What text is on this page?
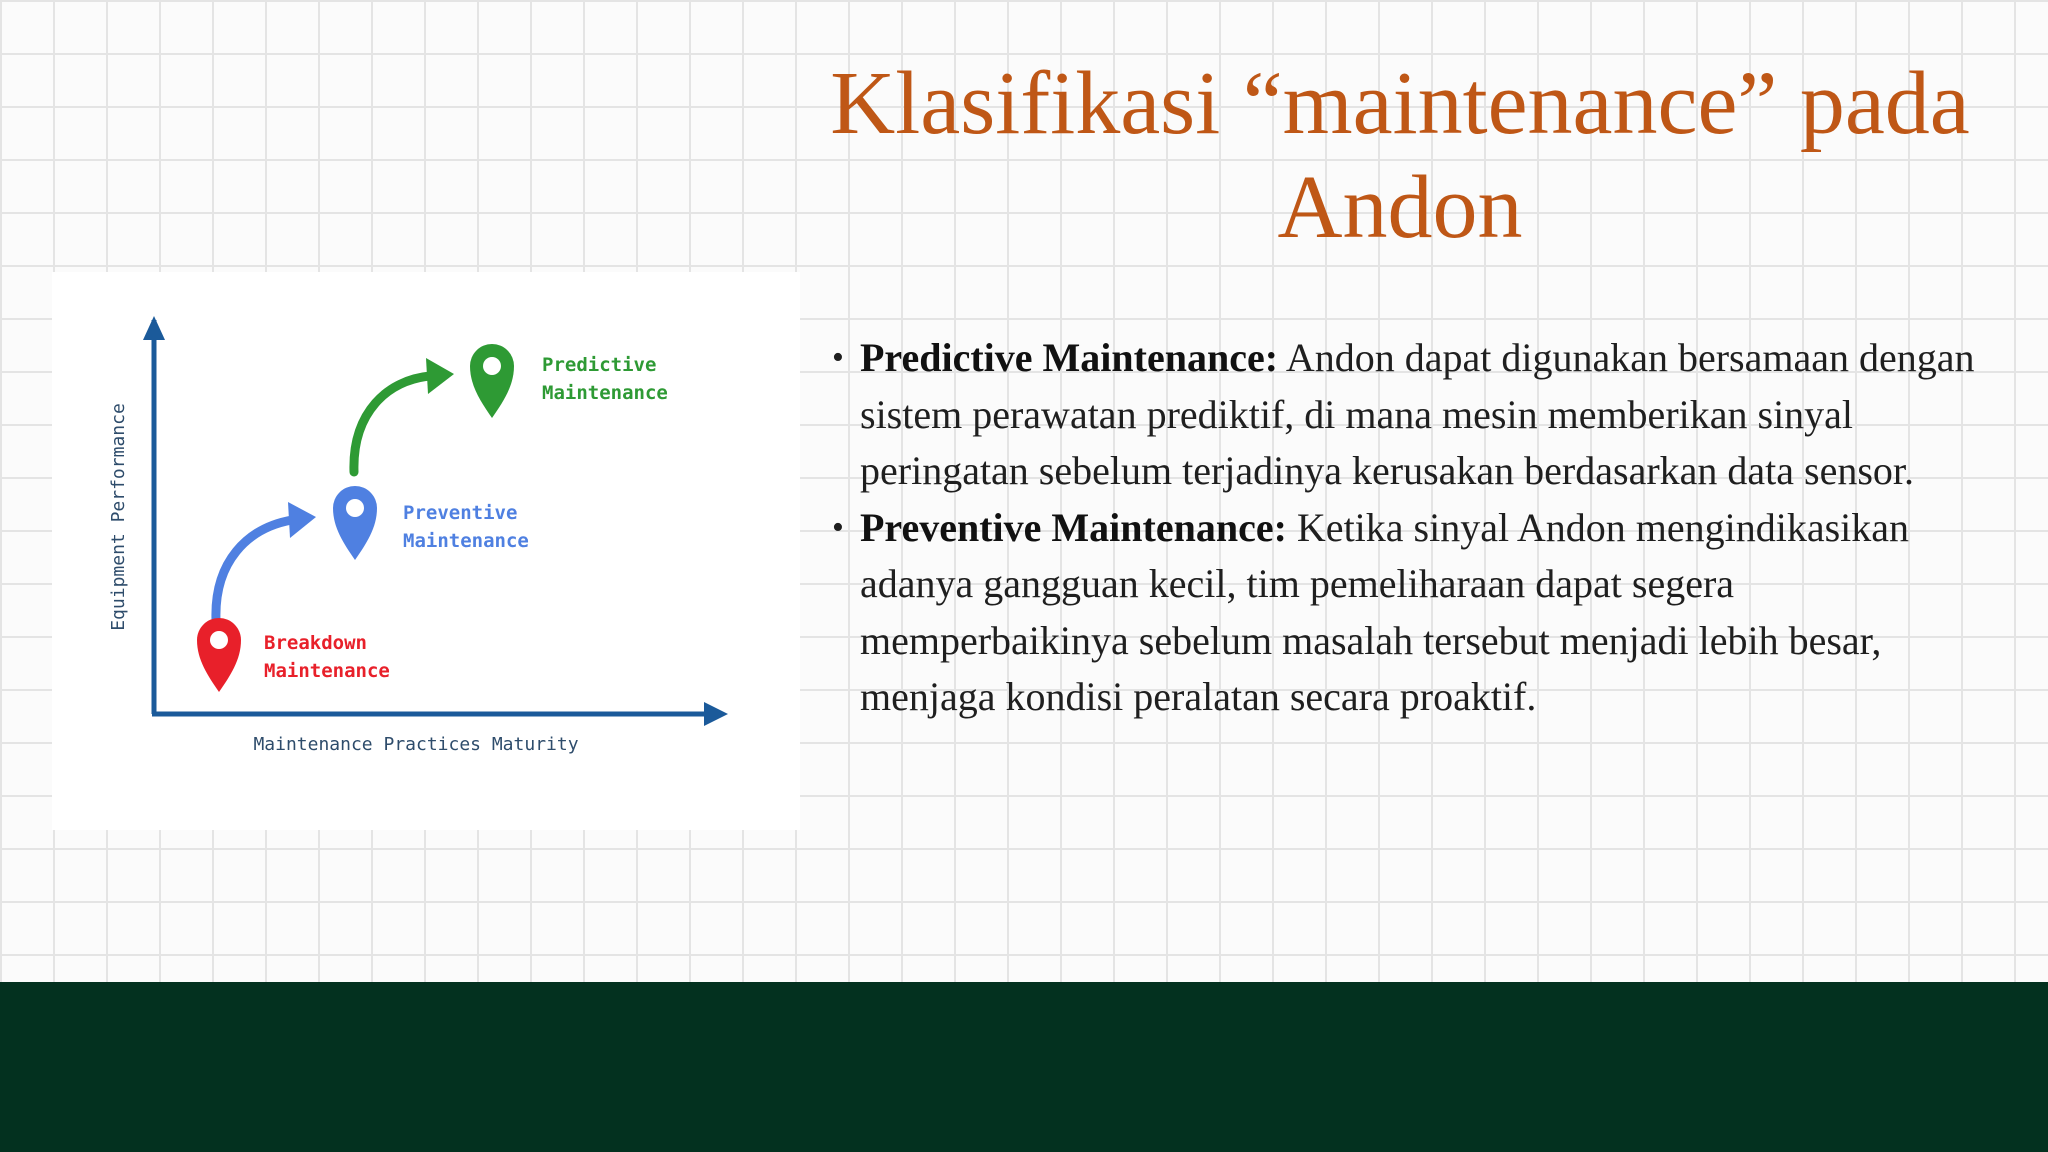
Klasifikasi “maintenance” pada Andon
Equipment Performance
Maintenance Practices Maturity
Breakdown
Maintenance
Preventive
Maintenance
Predictive
Maintenance
• Predictive Maintenance: Andon dapat digunakan bersamaan dengan sistem perawatan prediktif, di mana mesin memberikan sinyal peringatan sebelum terjadinya kerusakan berdasarkan data sensor.
• Preventive Maintenance: Ketika sinyal Andon mengindikasikan adanya gangguan kecil, tim pemeliharaan dapat segera memperbaikinya sebelum masalah tersebut menjadi lebih besar, menjaga kondisi peralatan secara proaktif.
